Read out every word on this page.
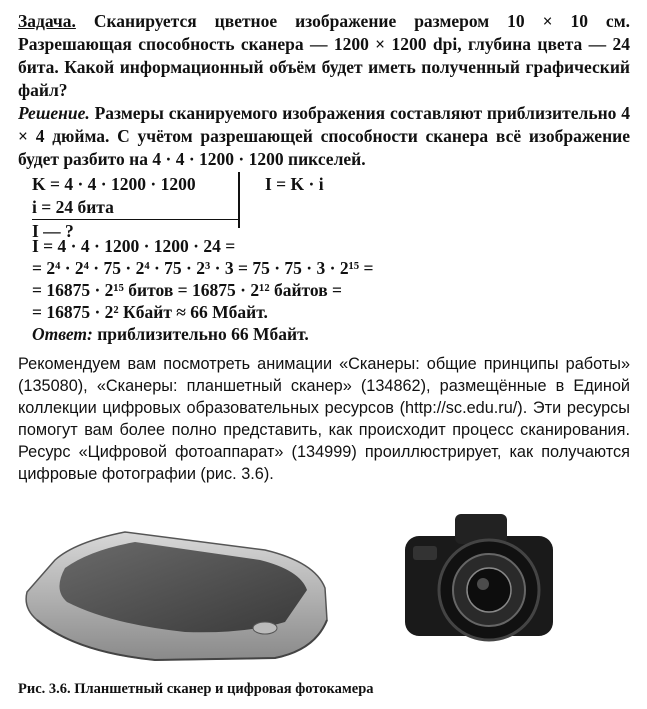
Задача. Сканируется цветное изображение размером 10 × 10 см. Разрешающая способность сканера — 1200 × 1200 dpi, глубина цвета — 24 бита. Какой информационный объём будет иметь полученный графический файл?
Решение. Размеры сканируемого изображения составляют приблизительно 4 × 4 дюйма. С учётом разрешающей способности сканера всё изображение будет разбито на 4 · 4 · 1200 · 1200 пикселей.
K = 4 · 4 · 1200 · 1200
i = 24 бита
I — ?
I = K · i
I = 4 · 4 · 1200 · 1200 · 24 =
= 2⁴ · 2⁴ · 75 · 2⁴ · 75 · 2³ · 3 = 75 · 75 · 3 · 2¹⁵ =
= 16875 · 2¹⁵ битов = 16875 · 2¹² байтов =
= 16875 · 2² Кбайт ≈ 66 Мбайт.
Ответ: приблизительно 66 Мбайт.
Рекомендуем вам посмотреть анимации «Сканеры: общие принципы работы» (135080), «Сканеры: планшетный сканер» (134862), размещённые в Единой коллекции цифровых образовательных ресурсов (http://sc.edu.ru/). Эти ресурсы помогут вам более полно представить, как происходит процесс сканирования. Ресурс «Цифровой фотоаппарат» (134999) проиллюстрирует, как получаются цифровые фотографии (рис. 3.6).
Рис. 3.6. Планшетный сканер и цифровая фотокамера
